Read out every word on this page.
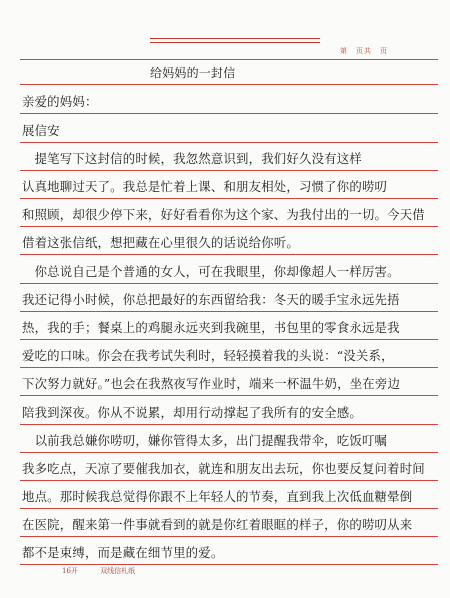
第　页共　页
给妈妈的一封信
亲爱的妈妈：
展信安
　提笔写下这封信的时候，我忽然意识到，我们好久没有这样
认真地聊过天了。我总是忙着上课、和朋友相处，习惯了你的唠叨
和照顾，却很少停下来，好好看看你为这个家、为我付出的一切。今天借
借着这张信纸，想把藏在心里很久的话说给你听。
　你总说自己是个普通的女人，可在我眼里，你却像超人一样厉害。
我还记得小时候，你总把最好的东西留给我：冬天的暖手宝永远先捂
热，我的手；餐桌上的鸡腿永远夹到我碗里，书包里的零食永远是我
爱吃的口味。你会在我考试失利时，轻轻摸着我的头说：“没关系，
下次努力就好。”也会在我熬夜写作业时，端来一杯温牛奶，坐在旁边
陪我到深夜。你从不说累，却用行动撑起了我所有的安全感。
　以前我总嫌你唠叨，嫌你管得太多，出门提醒我带伞，吃饭叮嘱
我多吃点，天凉了要催我加衣，就连和朋友出去玩，你也要反复问着时间
地点。那时候我总觉得你跟不上年轻人的节奏，直到我上次低血糖晕倒
在医院，醒来第一件事就看到的就是你红着眼眶的样子，你的唠叨从来
都不是束缚，而是藏在细节里的爱。
16开	双线信札纸
